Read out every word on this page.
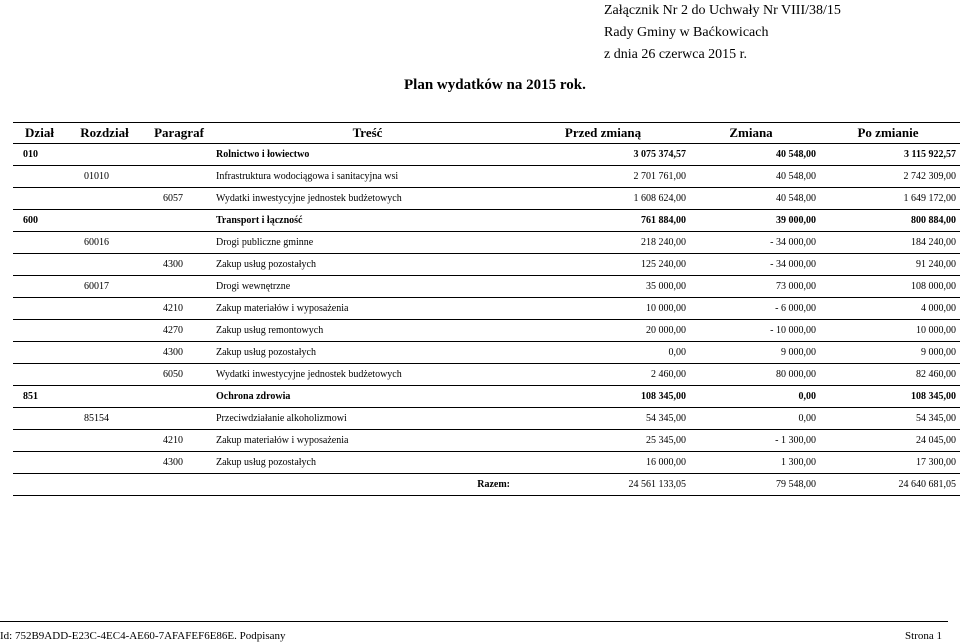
Załącznik Nr 2 do Uchwały Nr VIII/38/15
Rady Gminy w Baćkowicach
z dnia 26 czerwca 2015 r.
Plan wydatków na 2015 rok.
Dział	Rozdział	Paragraf	Treść	Przed zmianą	Zmiana	Po zmianie
010			Rolnictwo i łowiectwo	3 075 374,57	40 548,00	3 115 922,57
	01010		Infrastruktura wodociągowa i sanitacyjna wsi	2 701 761,00	40 548,00	2 742 309,00
		6057	Wydatki inwestycyjne jednostek budżetowych	1 608 624,00	40 548,00	1 649 172,00
600			Transport i łączność	761 884,00	39 000,00	800 884,00
	60016		Drogi publiczne gminne	218 240,00	- 34 000,00	184 240,00
		4300	Zakup usług pozostałych	125 240,00	- 34 000,00	91 240,00
	60017		Drogi wewnętrzne	35 000,00	73 000,00	108 000,00
		4210	Zakup materiałów i wyposażenia	10 000,00	- 6 000,00	4 000,00
		4270	Zakup usług remontowych	20 000,00	- 10 000,00	10 000,00
		4300	Zakup usług pozostałych	0,00	9 000,00	9 000,00
		6050	Wydatki inwestycyjne jednostek budżetowych	2 460,00	80 000,00	82 460,00
851			Ochrona zdrowia	108 345,00	0,00	108 345,00
	85154		Przeciwdziałanie alkoholizmowi	54 345,00	0,00	54 345,00
		4210	Zakup materiałów i wyposażenia	25 345,00	- 1 300,00	24 045,00
		4300	Zakup usług pozostałych	16 000,00	1 300,00	17 300,00
			Razem:	24 561 133,05	79 548,00	24 640 681,05
Id: 752B9ADD-E23C-4EC4-AE60-7AFAFEF6E86E. Podpisany	Strona 1
